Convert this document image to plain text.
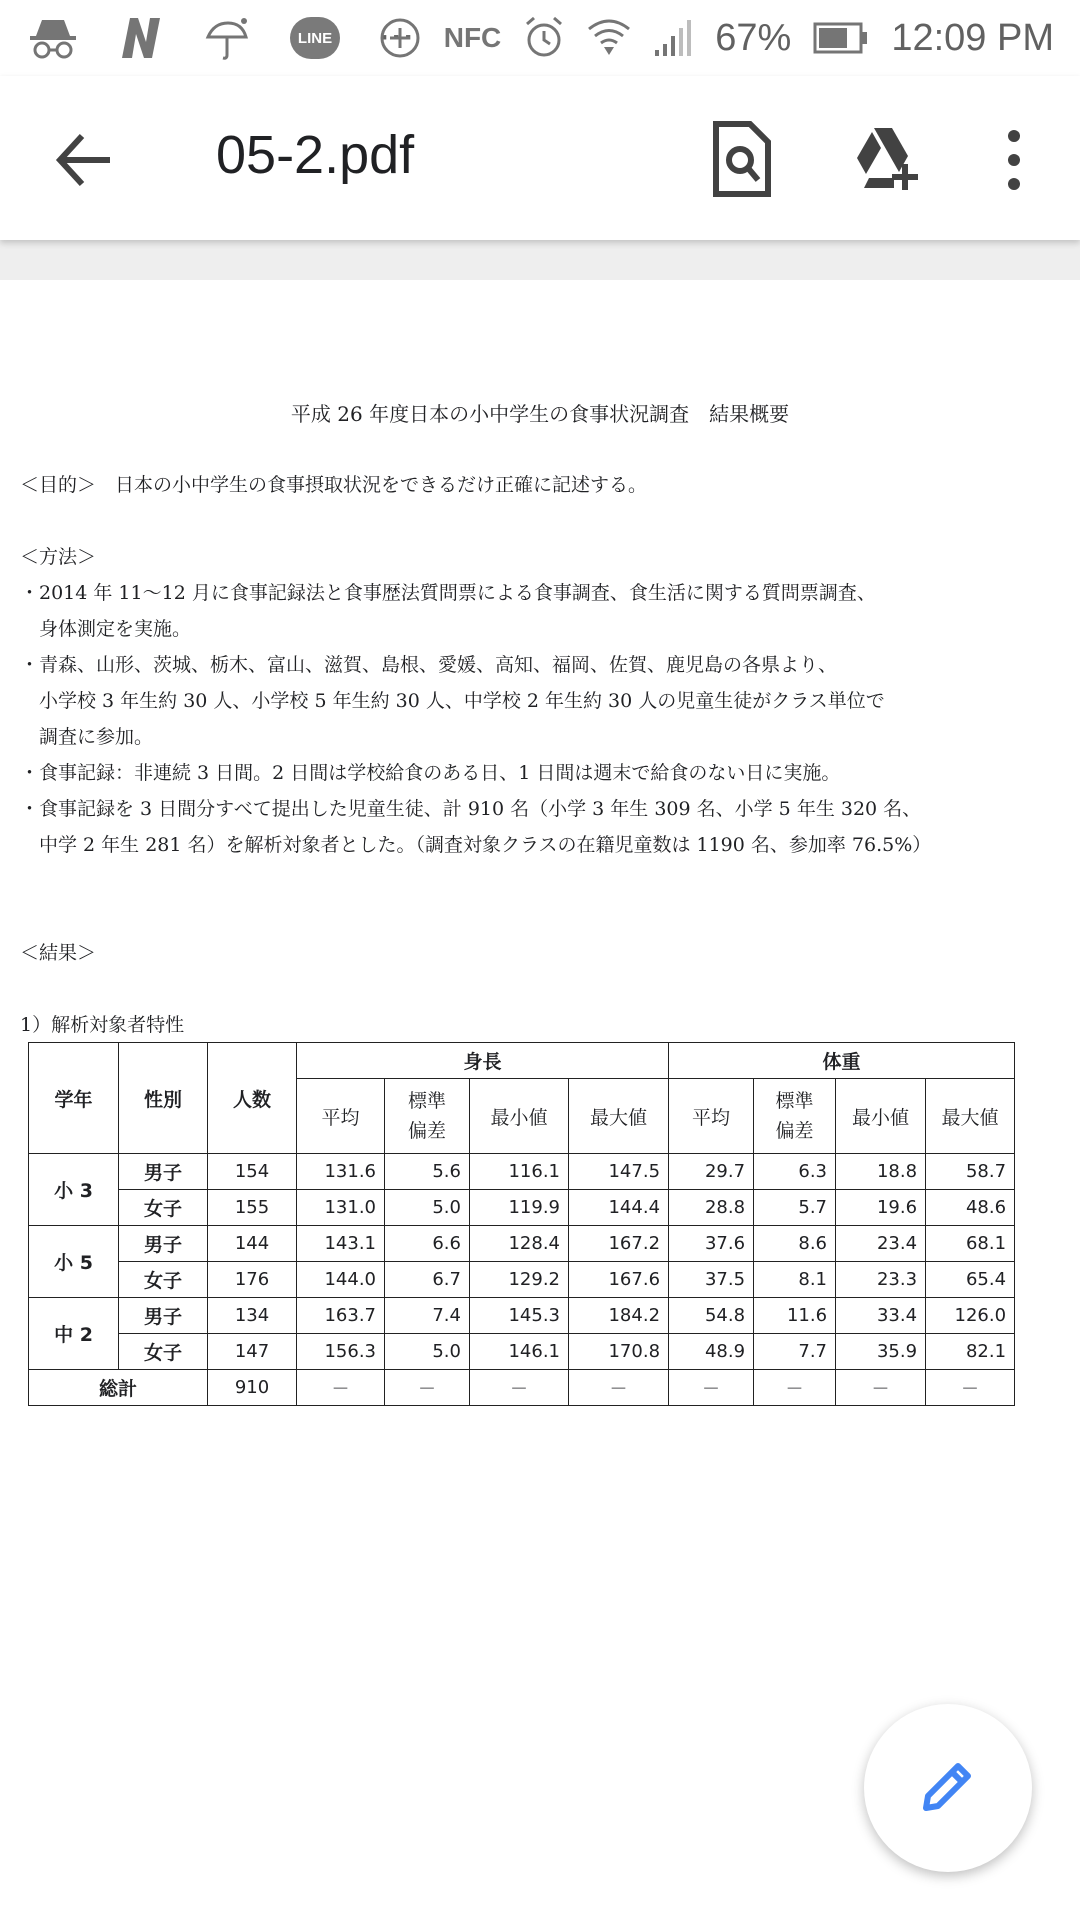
LINE ··· NFC	67%	12:09 PM
05-2.pdf
平成 26 年度日本の小中学生の食事状況調査　結果概要
＜目的＞　日本の小中学生の食事摂取状況をできるだけ正確に記述する。
＜方法＞
・2014 年 11～12 月に食事記録法と食事歴法質問票による食事調査、食生活に関する質問票調査、
　身体測定を実施。
・青森、山形、茨城、栃木、富山、滋賀、島根、愛媛、高知、福岡、佐賀、鹿児島の各県より、
　小学校 3 年生約 30 人、小学校 5 年生約 30 人、中学校 2 年生約 30 人の児童生徒がクラス単位で
　調査に参加。
・食事記録：非連続 3 日間。2 日間は学校給食のある日、1 日間は週末で給食のない日に実施。
・食事記録を 3 日間分すべて提出した児童生徒、計 910 名（小学 3 年生 309 名、小学 5 年生 320 名、
　中学 2 年生 281 名）を解析対象者とした。（調査対象クラスの在籍児童数は 1190 名、参加率 76.5%）
＜結果＞
1）解析対象者特性
学年	性別	人数	身長				体重			
			平均	標準
偏差	最小値	最大値	平均	標準
偏差	最小値	最大値
小 3	男子	154	131.6	5.6	116.1	147.5	29.7	6.3	18.8	58.7
	女子	155	131.0	5.0	119.9	144.4	28.8	5.7	19.6	48.6
小 5	男子	144	143.1	6.6	128.4	167.2	37.6	8.6	23.4	68.1
	女子	176	144.0	6.7	129.2	167.6	37.5	8.1	23.3	65.4
中 2	男子	134	163.7	7.4	145.3	184.2	54.8	11.6	33.4	126.0
	女子	147	156.3	5.0	146.1	170.8	48.9	7.7	35.9	82.1
総計		910	－	－	－	－	－	－	－	－
